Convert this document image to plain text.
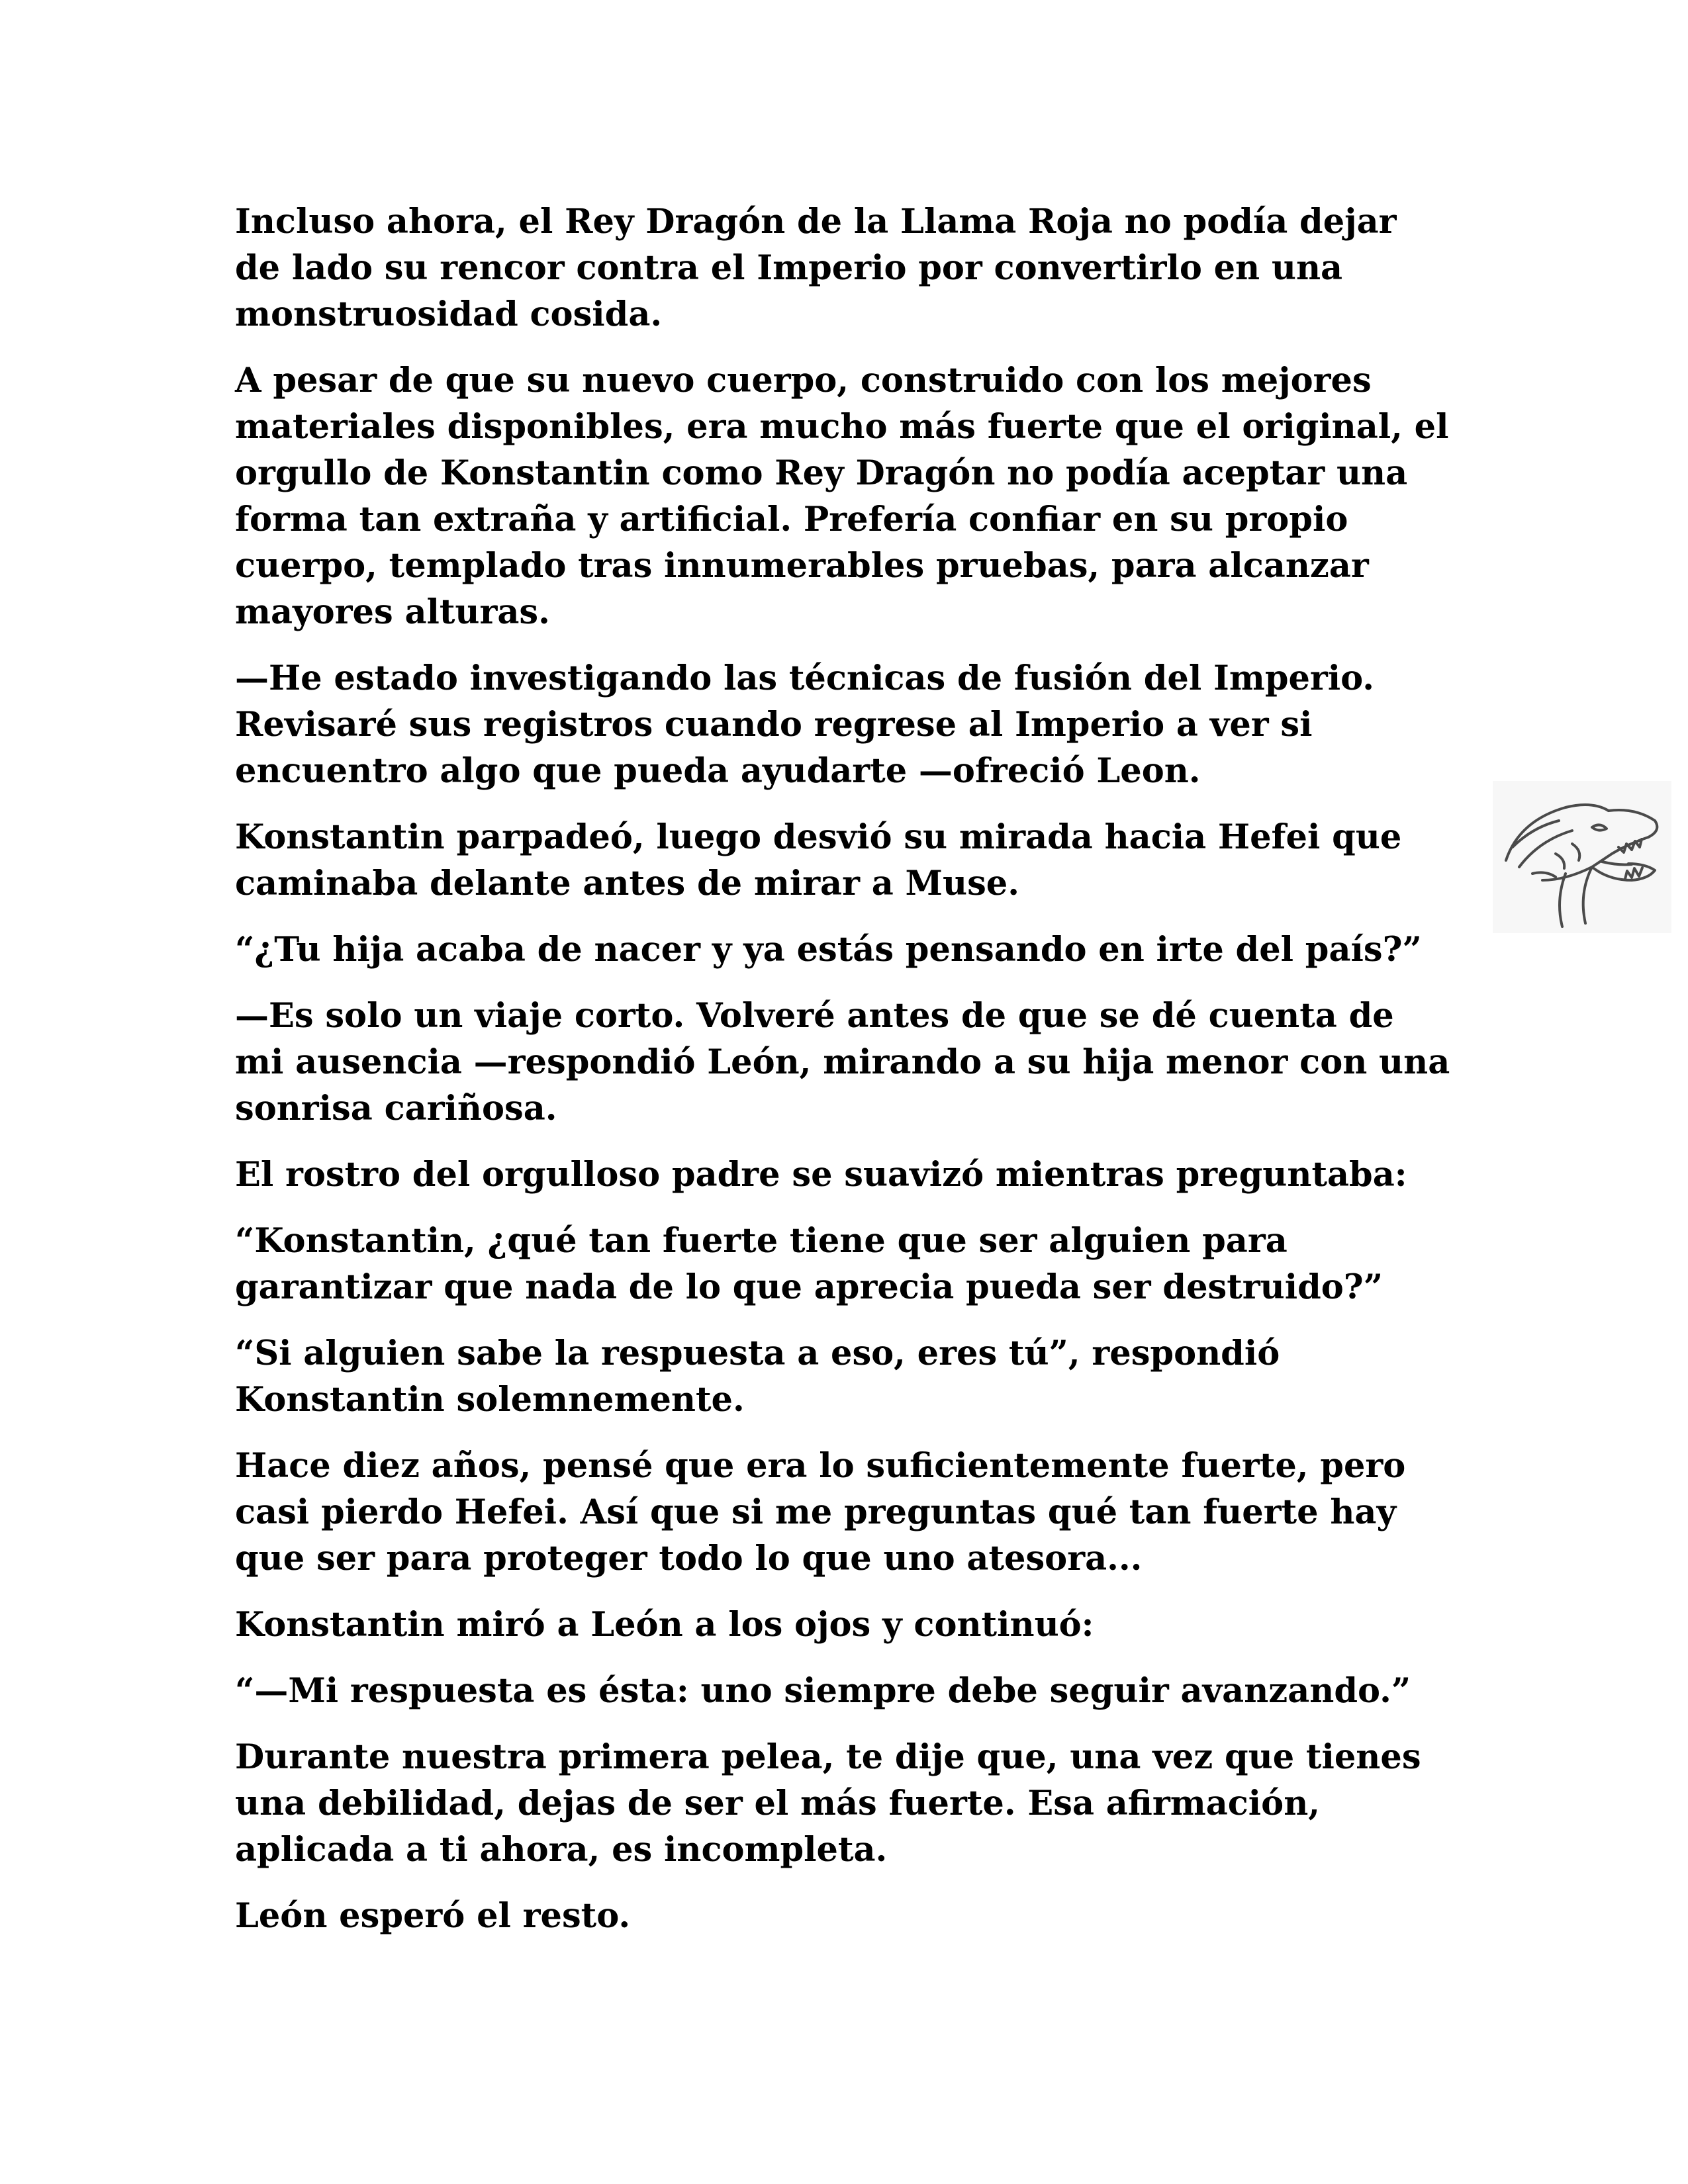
Incluso ahora, el Rey Dragón de la Llama Roja no podía dejar de lado su rencor contra el Imperio por convertirlo en una monstruosidad cosida.

A pesar de que su nuevo cuerpo, construido con los mejores materiales disponibles, era mucho más fuerte que el original, el orgullo de Konstantin como Rey Dragón no podía aceptar una forma tan extraña y artificial. Prefería confiar en su propio cuerpo, templado tras innumerables pruebas, para alcanzar mayores alturas.

—He estado investigando las técnicas de fusión del Imperio. Revisaré sus registros cuando regrese al Imperio a ver si encuentro algo que pueda ayudarte —ofreció Leon.

Konstantin parpadeó, luego desvió su mirada hacia Hefei que caminaba delante antes de mirar a Muse.

“¿Tu hija acaba de nacer y ya estás pensando en irte del país?”

—Es solo un viaje corto. Volveré antes de que se dé cuenta de mi ausencia —respondió León, mirando a su hija menor con una sonrisa cariñosa.

El rostro del orgulloso padre se suavizó mientras preguntaba:

“Konstantin, ¿qué tan fuerte tiene que ser alguien para garantizar que nada de lo que aprecia pueda ser destruido?”

“Si alguien sabe la respuesta a eso, eres tú”, respondió Konstantin solemnemente.

Hace diez años, pensé que era lo suficientemente fuerte, pero casi pierdo Hefei. Así que si me preguntas qué tan fuerte hay que ser para proteger todo lo que uno atesora...

Konstantin miró a León a los ojos y continuó:

“—Mi respuesta es ésta: uno siempre debe seguir avanzando.”

Durante nuestra primera pelea, te dije que, una vez que tienes una debilidad, dejas de ser el más fuerte. Esa afirmación, aplicada a ti ahora, es incompleta.

León esperó el resto.
